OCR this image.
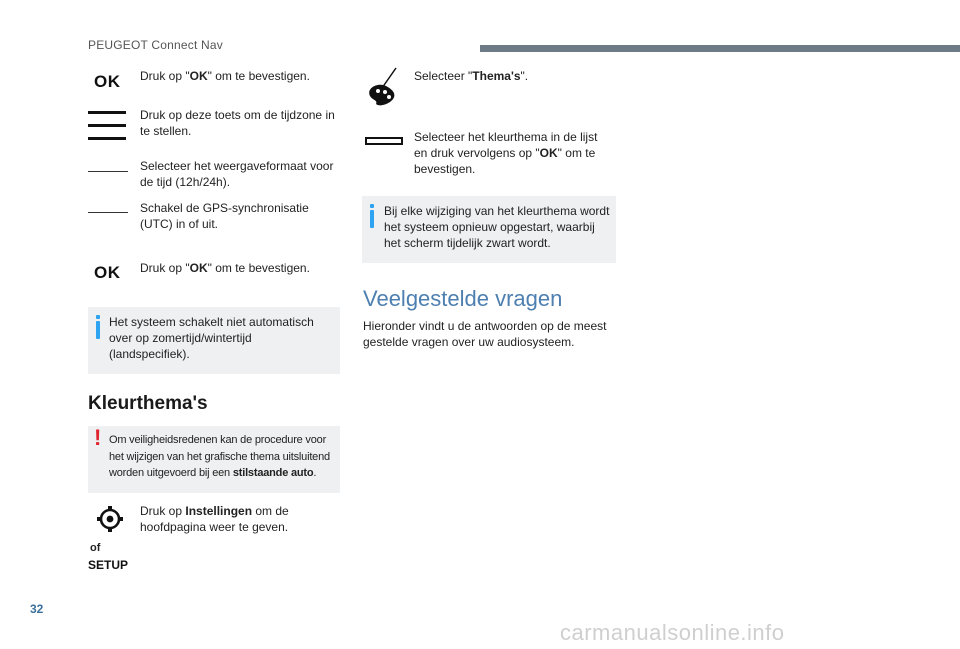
PEUGEOT Connect Nav
OK Druk op "OK" om te bevestigen.
Druk op deze toets om de tijdzone in te stellen.
Selecteer het weergaveformaat voor de tijd (12h/24h).
Schakel de GPS-synchronisatie (UTC) in of uit.
OK Druk op "OK" om te bevestigen.
Het systeem schakelt niet automatisch over op zomertijd/wintertijd (landspecifiek).
Kleurthema's
! Om veiligheidsredenen kan de procedure voor het wijzigen van het grafische thema uitsluitend worden uitgevoerd bij een stilstaande auto.
of
SETUP
Druk op Instellingen om de hoofdpagina weer te geven.
Selecteer "Thema's".
Selecteer het kleurthema in de lijst en druk vervolgens op "OK" om te bevestigen.
Bij elke wijziging van het kleurthema wordt het systeem opnieuw opgestart, waarbij het scherm tijdelijk zwart wordt.
Veelgestelde vragen
Hieronder vindt u de antwoorden op de meest gestelde vragen over uw audiosysteem.
32
carmanualsonline.info
